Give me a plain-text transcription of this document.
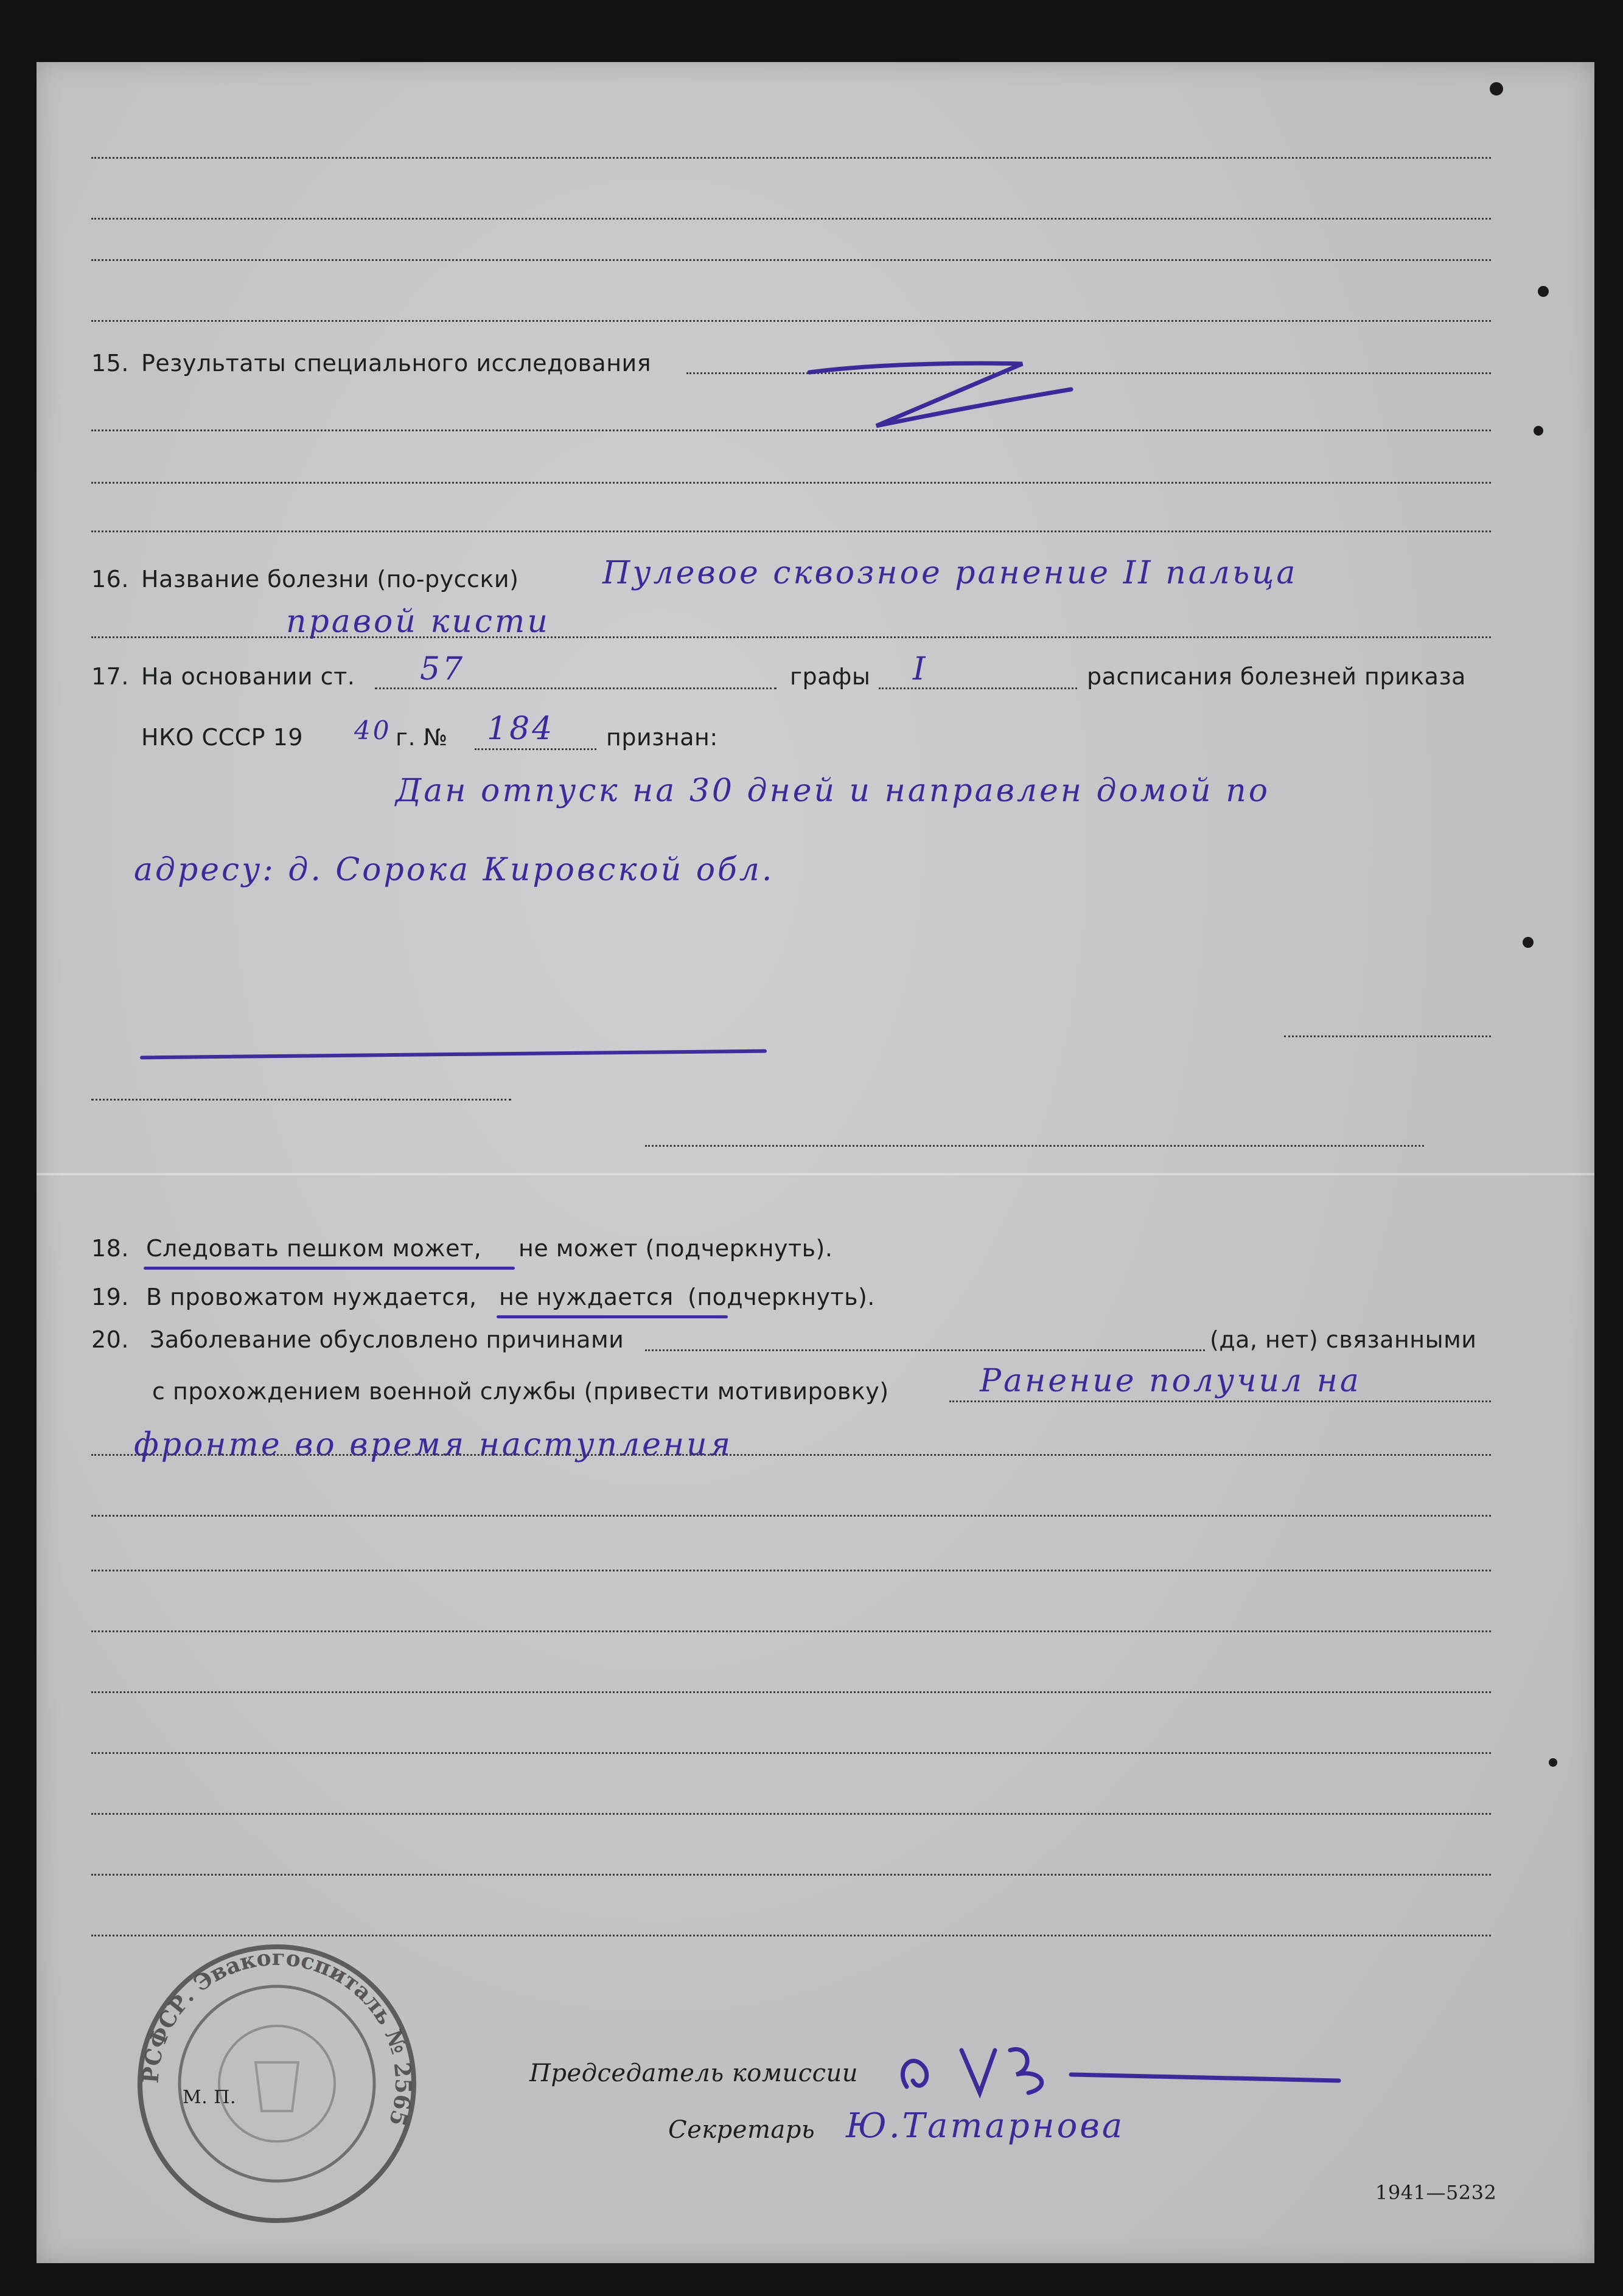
15. Результаты специального исследования
16. Название болезни (по-русски)	Пулевое сквозное ранение II пальца
правой кисти
17. На основании ст. 57	графы I	расписания болезней приказа
НКО СССР 19 40 г. № 184 признан:
Дан отпуск на 30 дней и направлен домой по
адресу: д. Сорока Кировской обл.
18. Следовать пешком может, не может (подчеркнуть).
19. В провожатом нуждается, не нуждается (подчеркнуть).
20. Заболевание обусловлено причинами	(да, нет) связанными
с прохождением военной службы (привести мотивировку)	Ранение получил на
фронте во время наступления
РСФСР. Эвакогоспиталь № 2565
М. П.
Председатель комиссии
Секретарь Ю.Татарнова
1941—5232
